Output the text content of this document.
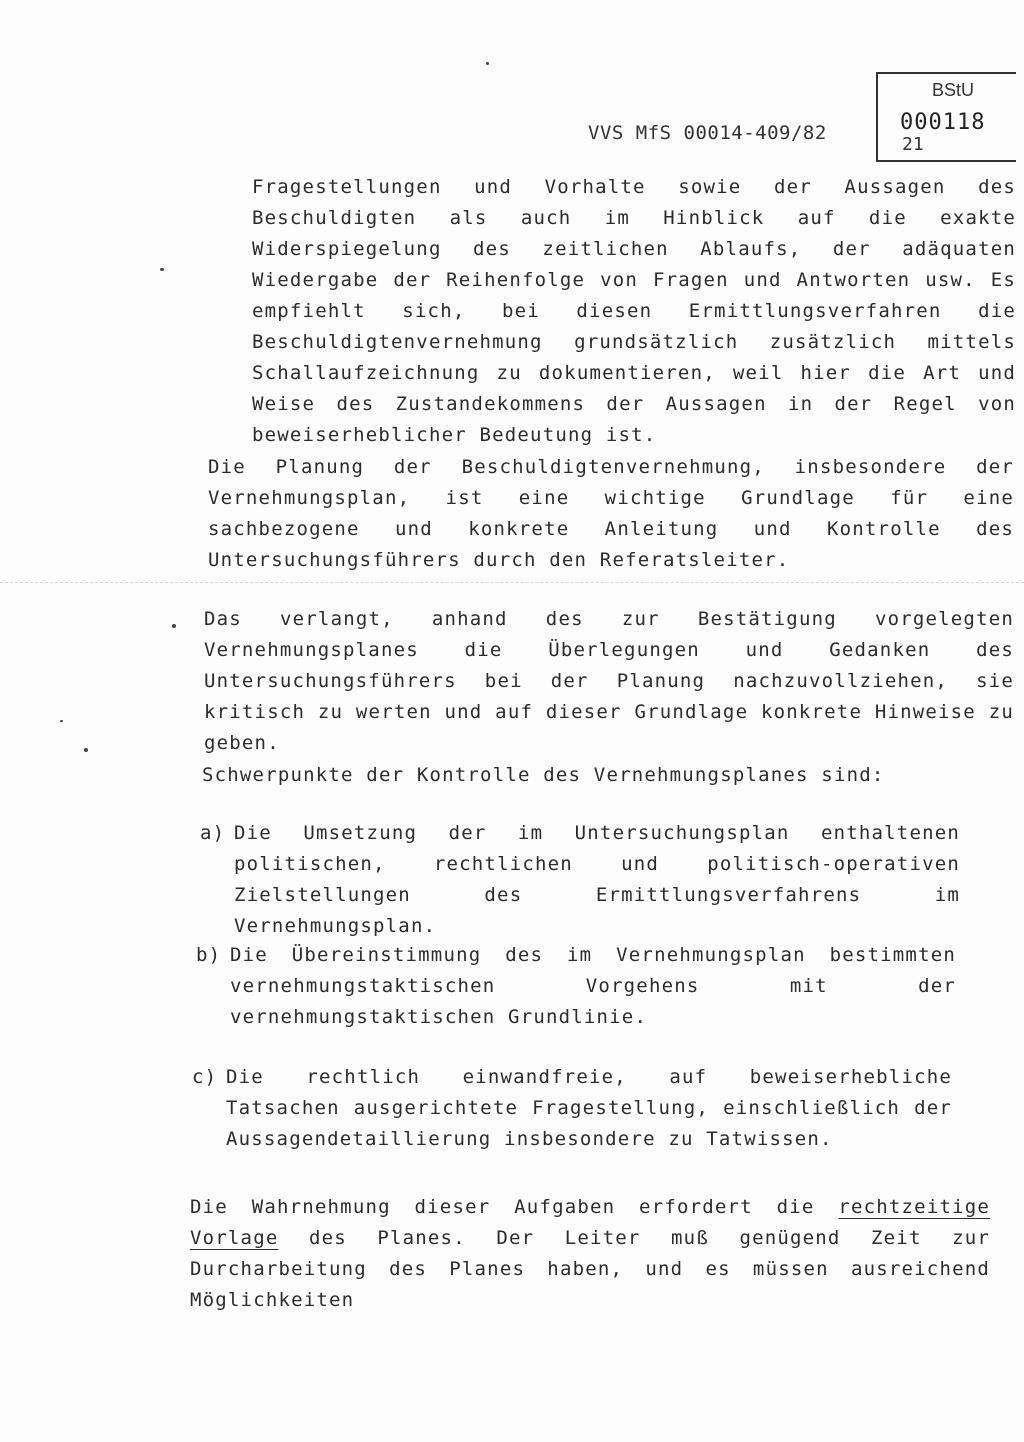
VVS MfS 00014-409/82
BStU
000118
21
Fragestellungen und Vorhalte sowie der Aussagen des Beschuldigten als auch im Hinblick auf die exakte Widerspiegelung des zeitlichen Ablaufs, der adäquaten Wiedergabe der Reihenfolge von Fragen und Antworten usw. Es empfiehlt sich, bei diesen Ermittlungsverfahren die Beschuldigtenvernehmung grundsätzlich zusätzlich mittels Schallaufzeichnung zu dokumentieren, weil hier die Art und Weise des Zustandekommens der Aussagen in der Regel von beweiserheblicher Bedeutung ist.
Die Planung der Beschuldigtenvernehmung, insbesondere der Vernehmungsplan, ist eine wichtige Grundlage für eine sachbezogene und konkrete Anleitung und Kontrolle des Untersuchungsführers durch den Referatsleiter.
Das verlangt, anhand des zur Bestätigung vorgelegten Vernehmungsplanes die Überlegungen und Gedanken des Untersuchungsführers bei der Planung nachzuvollziehen, sie kritisch zu werten und auf dieser Grundlage konkrete Hinweise zu geben.
Schwerpunkte der Kontrolle des Vernehmungsplanes sind:
a) Die Umsetzung der im Untersuchungsplan enthaltenen politischen, rechtlichen und politisch-operativen Zielstellungen des Ermittlungsverfahrens im Vernehmungsplan.
b) Die Übereinstimmung des im Vernehmungsplan bestimmten vernehmungstaktischen Vorgehens mit der vernehmungstaktischen Grundlinie.
c) Die rechtlich einwandfreie, auf beweiserhebliche Tatsachen ausgerichtete Fragestellung, einschließlich der Aussagendetaillierung insbesondere zu Tatwissen.
Die Wahrnehmung dieser Aufgaben erfordert die rechtzeitige Vorlage des Planes. Der Leiter muß genügend Zeit zur Durcharbeitung des Planes haben, und es müssen ausreichend Möglichkeiten
